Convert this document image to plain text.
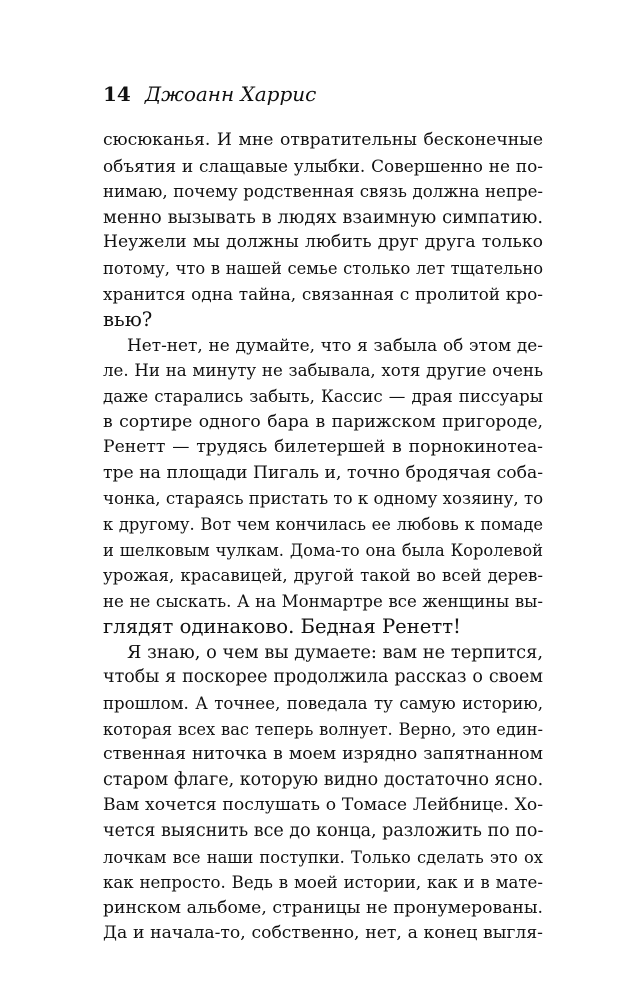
14 Джоанн Харрис
сюсюканья. И мне отвратительны бесконечные
объятия и слащавые улыбки. Совершенно не по-
нимаю, почему родственная связь должна непре-
менно вызывать в людях взаимную симпатию.
Неужели мы должны любить друг друга только
потому, что в нашей семье столько лет тщательно
хранится одна тайна, связанная с пролитой кро-
вью?
Нет-нет, не думайте, что я забыла об этом де-
ле. Ни на минуту не забывала, хотя другие очень
даже старались забыть, Кассис — драя писсуары
в сортире одного бара в парижском пригороде,
Ренетт — трудясь билетершей в порнокинотеа-
тре на площади Пигаль и, точно бродячая соба-
чонка, стараясь пристать то к одному хозяину, то
к другому. Вот чем кончилась ее любовь к помаде
и шелковым чулкам. Дома-то она была Королевой
урожая, красавицей, другой такой во всей дерев-
не не сыскать. А на Монмартре все женщины вы-
глядят одинаково. Бедная Ренетт!
Я знаю, о чем вы думаете: вам не терпится,
чтобы я поскорее продолжила рассказ о своем
прошлом. А точнее, поведала ту самую историю,
которая всех вас теперь волнует. Верно, это един-
ственная ниточка в моем изрядно запятнанном
старом флаге, которую видно достаточно ясно.
Вам хочется послушать о Томасе Лейбнице. Хо-
чется выяснить все до конца, разложить по по-
лочкам все наши поступки. Только сделать это ох
как непросто. Ведь в моей истории, как и в мате-
ринском альбоме, страницы не пронумерованы.
Да и начала-то, собственно, нет, а конец выгля-
